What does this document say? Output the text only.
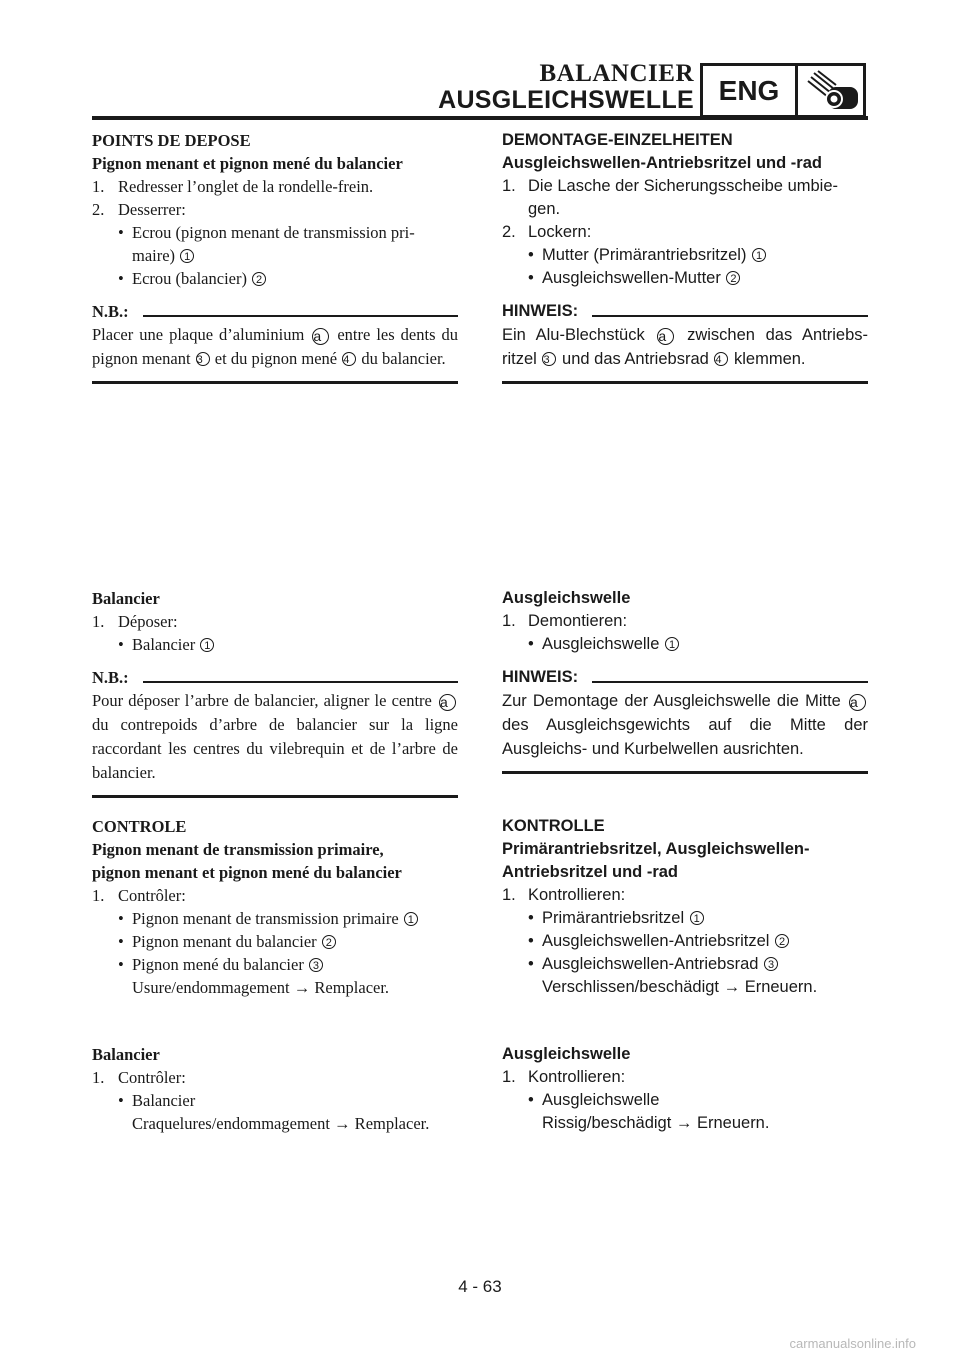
BALANCIER
AUSGLEICHSWELLE ENG
POINTS DE DEPOSE
Pignon menant et pignon mené du balancier
1. Redresser l’onglet de la rondelle-frein.
2. Desserrer:
• Ecrou (pignon menant de transmission pri-
maire) 1
• Ecrou (balancier) 2
N.B.:
Placer une plaque d’aluminium a entre les dents du pignon menant 3 et du pignon mené 4 du balancier.
Balancier
1. Déposer:
• Balancier 1
N.B.:
Pour déposer l’arbre de balancier, aligner le centre a du contrepoids d’arbre de balancier sur la ligne raccordant les centres du vilebrequin et de l’arbre de balancier.
CONTROLE
Pignon menant de transmission primaire,
pignon menant et pignon mené du balancier
1. Contrôler:
• Pignon menant de transmission primaire 1
• Pignon menant du balancier 2
• Pignon mené du balancier 3
Usure/endommagement → Remplacer.
Balancier
1. Contrôler:
• Balancier
Craquelures/endommagement → Remplacer.
DEMONTAGE-EINZELHEITEN
Ausgleichswellen-Antriebsritzel und -rad
1. Die Lasche der Sicherungsscheibe umbie-
gen.
2. Lockern:
• Mutter (Primärantriebsritzel) 1
• Ausgleichswellen-Mutter 2
HINWEIS:
Ein Alu-Blechstück a zwischen das Antriebs-ritzel 3 und das Antriebsrad 4 klemmen.
Ausgleichswelle
1. Demontieren:
• Ausgleichswelle 1
HINWEIS:
Zur Demontage der Ausgleichswelle die Mitte a des Ausgleichsgewichts auf die Mitte der Ausgleichs- und Kurbelwellen ausrichten.
KONTROLLE
Primärantriebsritzel, Ausgleichswellen-
Antriebsritzel und -rad
1. Kontrollieren:
• Primärantriebsritzel 1
• Ausgleichswellen-Antriebsritzel 2
• Ausgleichswellen-Antriebsrad 3
Verschlissen/beschädigt → Erneuern.
Ausgleichswelle
1. Kontrollieren:
• Ausgleichswelle
Rissig/beschädigt → Erneuern.
4 - 63
carmanualsonline.info
